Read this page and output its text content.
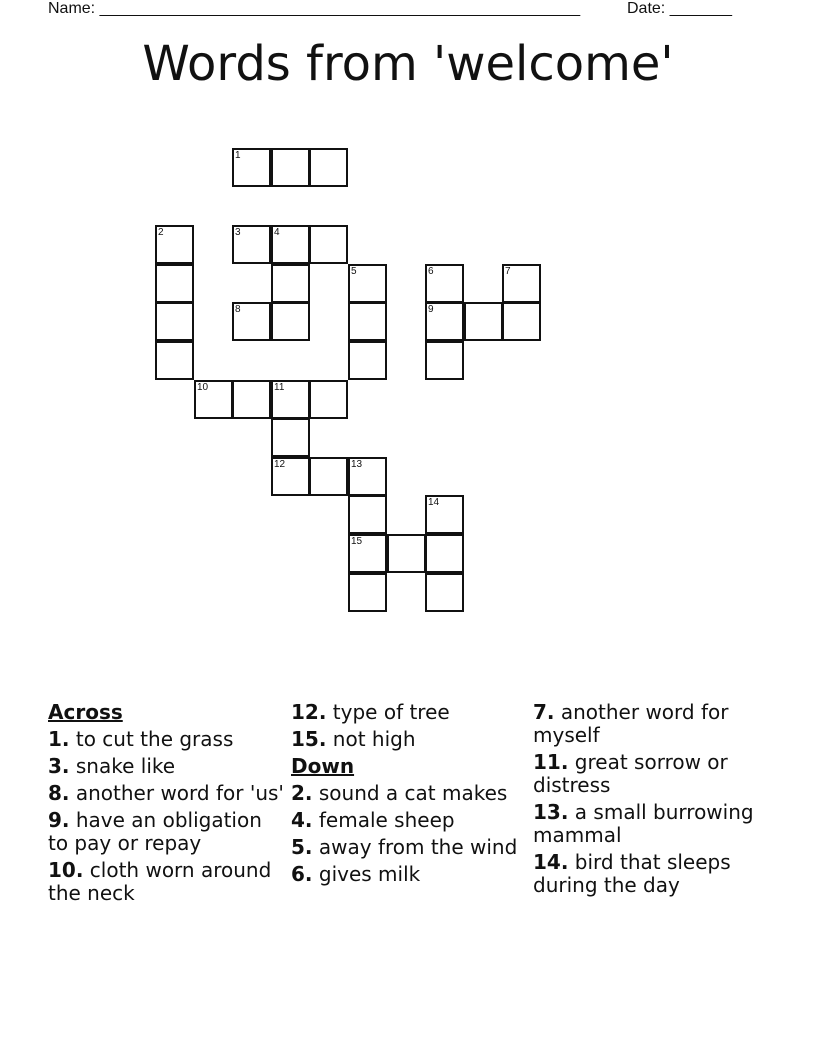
Name: ______________________________________________________	Date: _______
Words from 'welcome'
1
2	3	4
5	6	7
8	9
10	11
12	13
14
15

Across

1. to cut the grass

3. snake like

8. another word for 'us'

9. have an obligation to pay or repay

10. cloth worn around the neck

12. type of tree

15. not high

Down

2. sound a cat makes

4. female sheep

5. away from the wind

6. gives milk

7. another word for myself

11. great sorrow or distress

13. a small burrowing mammal

14. bird that sleeps during the day
